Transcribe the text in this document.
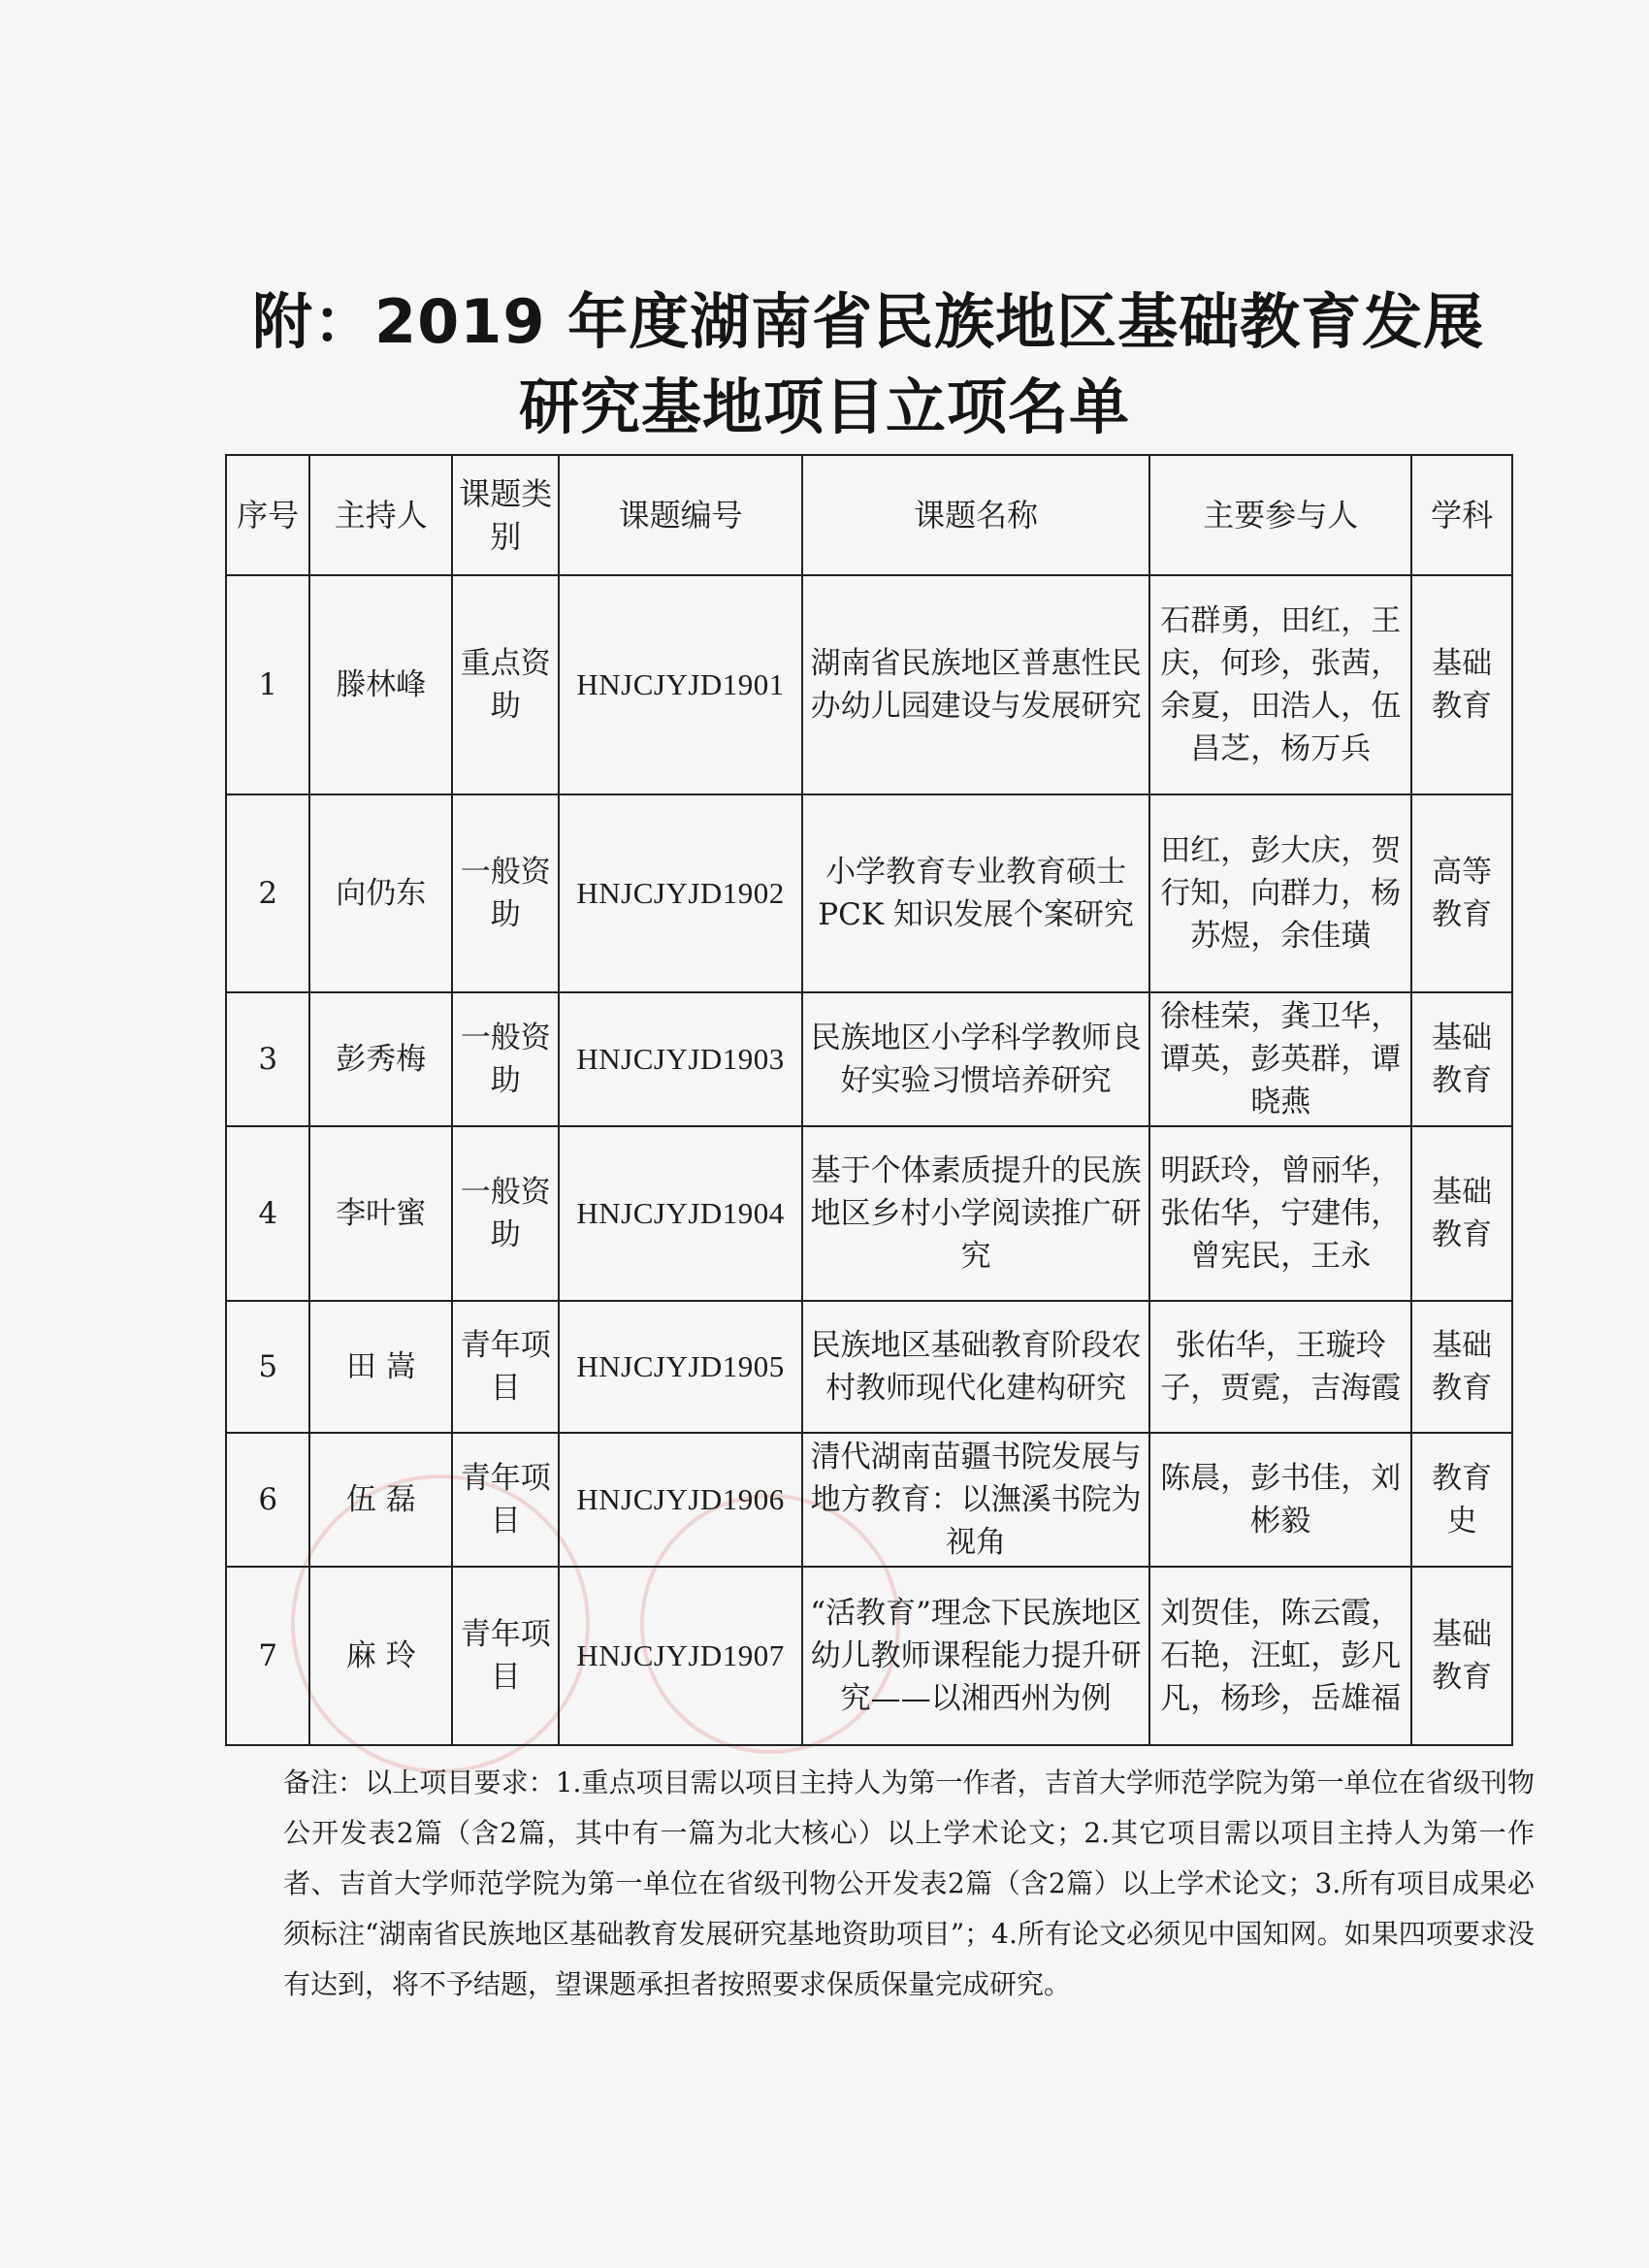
附：2019 年度湖南省民族地区基础教育发展
研究基地项目立项名单
序号	主持人	课题类别	课题编号	课题名称	主要参与人	学科
1	滕林峰	重点资助	HNJCJYJD1901	湖南省民族地区普惠性民办幼儿园建设与发展研究	石群勇，田红，王庆，何珍，张茜，余夏，田浩人，伍昌芝，杨万兵	基础教育
2	向仍东	一般资助	HNJCJYJD1902	小学教育专业教育硕士 PCK 知识发展个案研究	田红，彭大庆，贺行知，向群力，杨苏煜，余佳璜	高等教育
3	彭秀梅	一般资助	HNJCJYJD1903	民族地区小学科学教师良好实验习惯培养研究	徐桂荣，龚卫华，谭英，彭英群，谭晓燕	基础教育
4	李叶蜜	一般资助	HNJCJYJD1904	基于个体素质提升的民族地区乡村小学阅读推广研究	明跃玲，曾丽华，张佑华，宁建伟，曾宪民，王永	基础教育
5	田 嵩	青年项目	HNJCJYJD1905	民族地区基础教育阶段农村教师现代化建构研究	张佑华，王璇玲子，贾霓，吉海霞	基础教育
6	伍 磊	青年项目	HNJCJYJD1906	清代湖南苗疆书院发展与地方教育：以潕溪书院为视角	陈晨，彭书佳，刘彬毅	教育史
7	麻 玲	青年项目	HNJCJYJD1907	“活教育”理念下民族地区幼儿教师课程能力提升研究——以湘西州为例	刘贺佳，陈云霞，石艳，汪虹，彭凡凡，杨珍，岳雄福	基础教育
备注：以上项目要求：1.重点项目需以项目主持人为第一作者，吉首大学师范学院为第一单位在省级刊物公开发表2篇（含2篇，其中有一篇为北大核心）以上学术论文；2.其它项目需以项目主持人为第一作者、吉首大学师范学院为第一单位在省级刊物公开发表2篇（含2篇）以上学术论文；3.所有项目成果必须标注“湖南省民族地区基础教育发展研究基地资助项目”；4.所有论文必须见中国知网。如果四项要求没有达到，将不予结题，望课题承担者按照要求保质保量完成研究。
